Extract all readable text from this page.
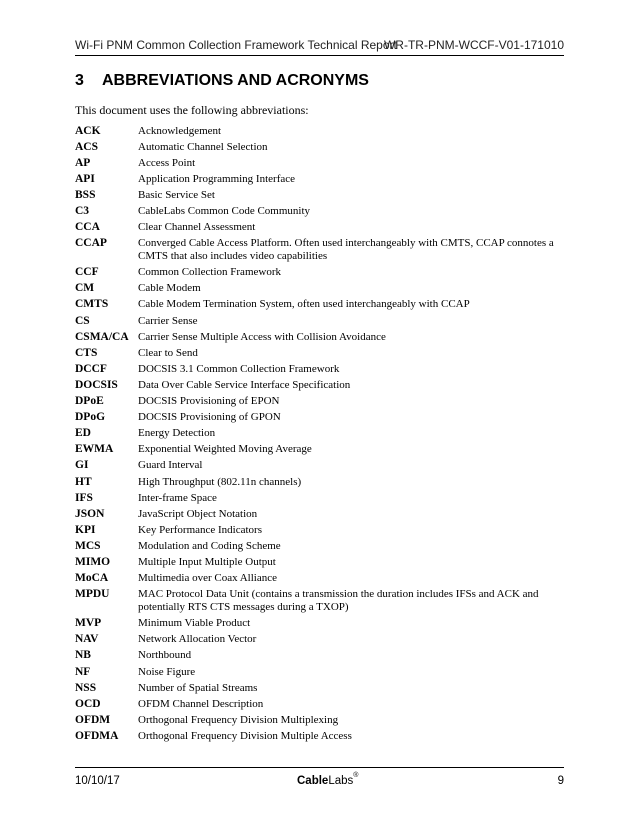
Wi-Fi PNM Common Collection Framework Technical Report
WR-TR-PNM-WCCF-V01-171010
3 ABBREVIATIONS AND ACRONYMS
This document uses the following abbreviations:
ACK	Acknowledgement
ACS	Automatic Channel Selection
AP	Access Point
API	Application Programming Interface
BSS	Basic Service Set
C3	CableLabs Common Code Community
CCA	Clear Channel Assessment
CCAP	Converged Cable Access Platform. Often used interchangeably with CMTS, CCAP connotes a CMTS that also includes video capabilities
CCF	Common Collection Framework
CM	Cable Modem
CMTS	Cable Modem Termination System, often used interchangeably with CCAP
CS	Carrier Sense
CSMA/CA Carrier Sense Multiple Access with Collision Avoidance
CTS	Clear to Send
DCCF	DOCSIS 3.1 Common Collection Framework
DOCSIS	Data Over Cable Service Interface Specification
DPoE	DOCSIS Provisioning of EPON
DPoG	DOCSIS Provisioning of GPON
ED	Energy Detection
EWMA	Exponential Weighted Moving Average
GI	Guard Interval
HT	High Throughput (802.11n channels)
IFS	Inter-frame Space
JSON	JavaScript Object Notation
KPI	Key Performance Indicators
MCS	Modulation and Coding Scheme
MIMO	Multiple Input Multiple Output
MoCA	Multimedia over Coax Alliance
MPDU	MAC Protocol Data Unit (contains a transmission the duration includes IFSs and ACK and potentially RTS CTS messages during a TXOP)
MVP	Minimum Viable Product
NAV	Network Allocation Vector
NB	Northbound
NF	Noise Figure
NSS	Number of Spatial Streams
OCD	OFDM Channel Description
OFDM	Orthogonal Frequency Division Multiplexing
OFDMA	Orthogonal Frequency Division Multiple Access
10/10/17	CableLabs®	9
